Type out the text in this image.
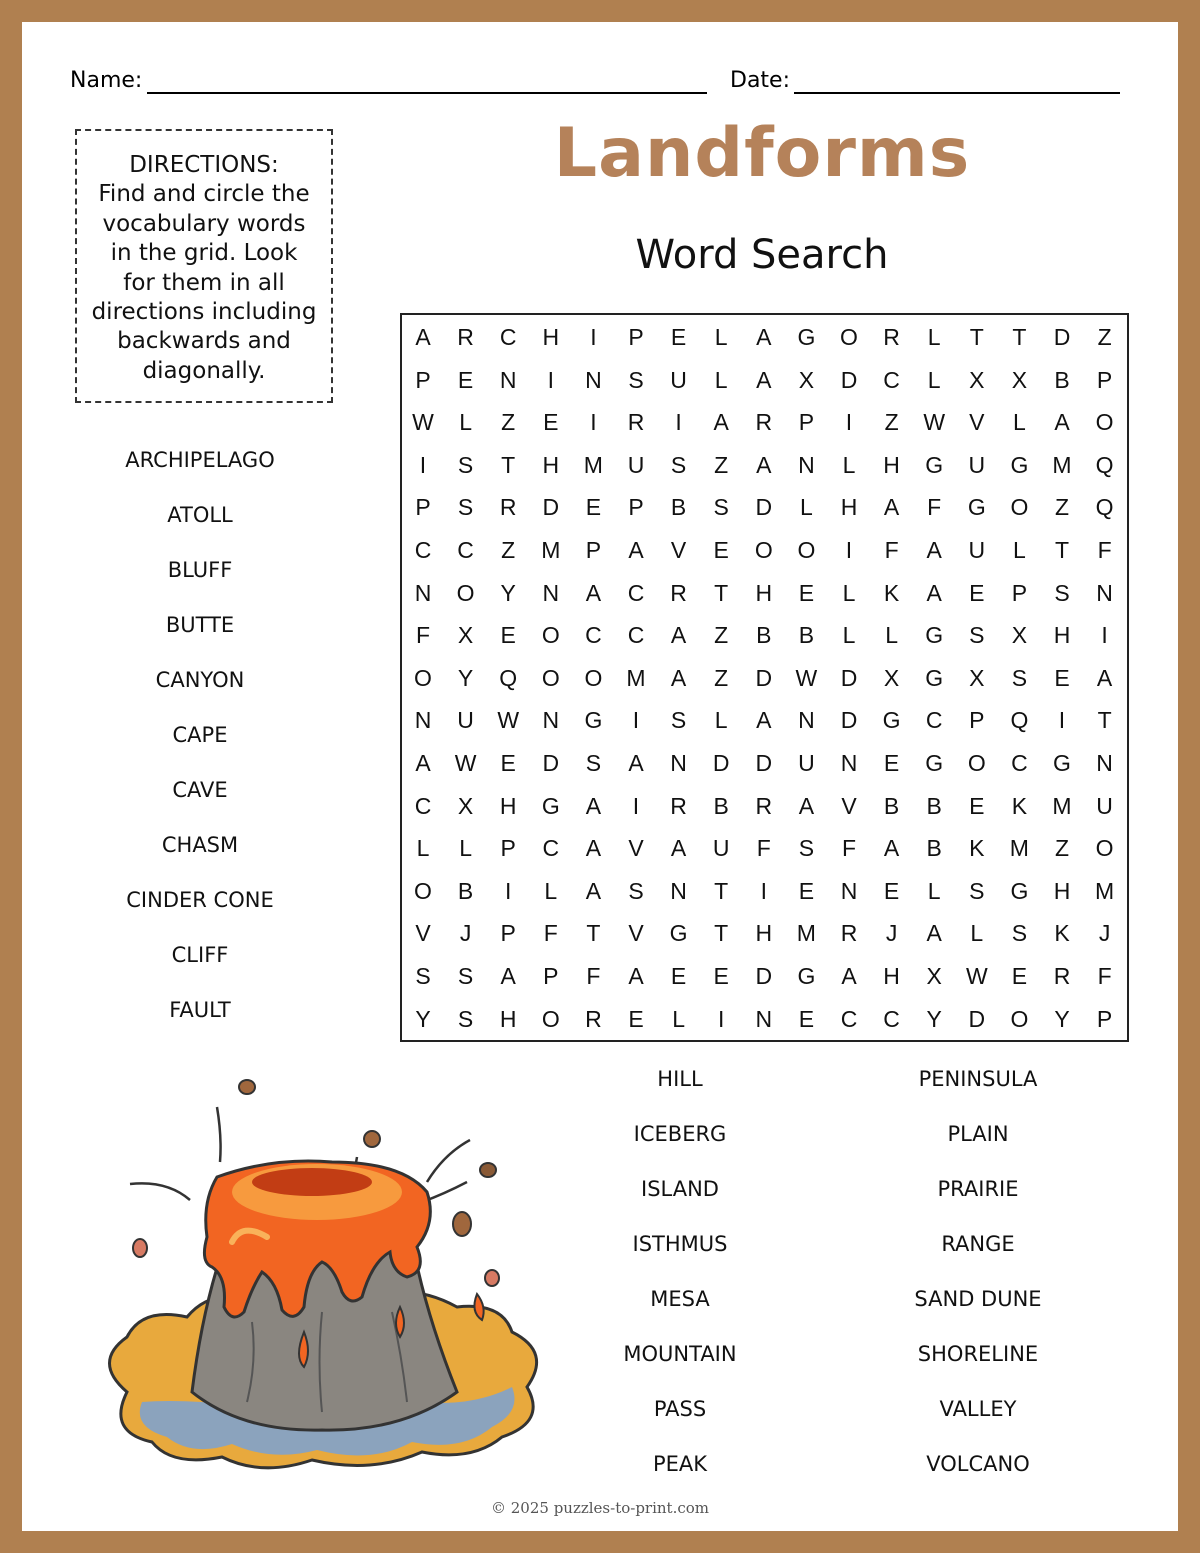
Name:	Date:
DIRECTIONS:
Find and circle the
vocabulary words
in the grid. Look
for them in all
directions including
backwards and
diagonally.
Landforms
Word Search
A	R	C	H	I	P	E	L	A	G	O	R	L	T	T	D	Z
P	E	N	I	N	S	U	L	A	X	D	C	L	X	X	B	P
W	L	Z	E	I	R	I	A	R	P	I	Z	W	V	L	A	O
I	S	T	H	M	U	S	Z	A	N	L	H	G	U	G	M	Q
P	S	R	D	E	P	B	S	D	L	H	A	F	G	O	Z	Q
C	C	Z	M	P	A	V	E	O	O	I	F	A	U	L	T	F
N	O	Y	N	A	C	R	T	H	E	L	K	A	E	P	S	N
F	X	E	O	C	C	A	Z	B	B	L	L	G	S	X	H	I
O	Y	Q	O	O	M	A	Z	D	W	D	X	G	X	S	E	A
N	U	W	N	G	I	S	L	A	N	D	G	C	P	Q	I	T
A	W	E	D	S	A	N	D	D	U	N	E	G	O	C	G	N
C	X	H	G	A	I	R	B	R	A	V	B	B	E	K	M	U
L	L	P	C	A	V	A	U	F	S	F	A	B	K	M	Z	O
O	B	I	L	A	S	N	T	I	E	N	E	L	S	G	H	M
V	J	P	F	T	V	G	T	H	M	R	J	A	L	S	K	J
S	S	A	P	F	A	E	E	D	G	A	H	X	W	E	R	F
Y	S	H	O	R	E	L	I	N	E	C	C	Y	D	O	Y	P
ARCHIPELAGO
ATOLL
BLUFF
BUTTE
CANYON
CAPE
CAVE
CHASM
CINDER CONE
CLIFF
FAULT
HILL
ICEBERG
ISLAND
ISTHMUS
MESA
MOUNTAIN
PASS
PEAK
PENINSULA
PLAIN
PRAIRIE
RANGE
SAND DUNE
SHORELINE
VALLEY
VOLCANO
© 2025 puzzles-to-print.com
